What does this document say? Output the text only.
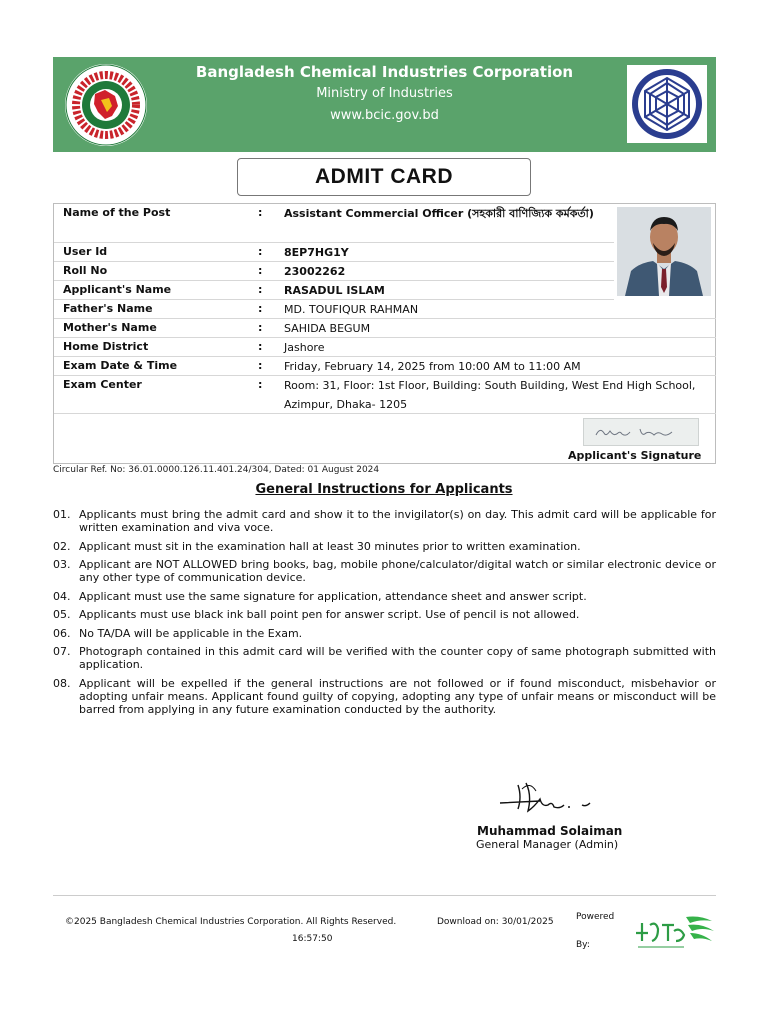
Bangladesh Chemical Industries Corporation
Ministry of Industries
www.bcic.gov.bd
ADMIT CARD
Name of the Post	: Assistant Commercial Officer (সহকারী বাণিজ্যিক কর্মকর্তা)
User Id	: 8EP7HG1Y
Roll No	: 23002262
Applicant's Name	: RASADUL ISLAM
Father's Name	: MD. TOUFIQUR RAHMAN
Mother's Name	: SAHIDA BEGUM
Home District	: Jashore
Exam Date & Time	: Friday, February 14, 2025 from 10:00 AM to 11:00 AM
Exam Center	: Room: 31, Floor: 1st Floor, Building: South Building, West End High School, Azimpur, Dhaka- 1205
Applicant's Signature
Circular Ref. No: 36.01.0000.126.11.401.24/304, Dated: 01 August 2024
General Instructions for Applicants
01. Applicants must bring the admit card and show it to the invigilator(s) on day. This admit card will be applicable for written examination and viva voce.
02. Applicant must sit in the examination hall at least 30 minutes prior to written examination.
03. Applicant are NOT ALLOWED bring books, bag, mobile phone/calculator/digital watch or similar electronic device or any other type of communication device.
04. Applicant must use the same signature for application, attendance sheet and answer script.
05. Applicants must use black ink ball point pen for answer script. Use of pencil is not allowed.
06. No TA/DA will be applicable in the Exam.
07. Photograph contained in this admit card will be verified with the counter copy of same photograph submitted with application.
08. Applicant will be expelled if the general instructions are not followed or if found misconduct, misbehavior or adopting unfair means. Applicant found guilty of copying, adopting any type of unfair means or misconduct will be barred from applying in any future examination conducted by the authority.
Muhammad Solaiman
General Manager (Admin)
©2025 Bangladesh Chemical Industries Corporation. All Rights Reserved.	Download on: 30/01/2025
16:57:50
Powered
By:
